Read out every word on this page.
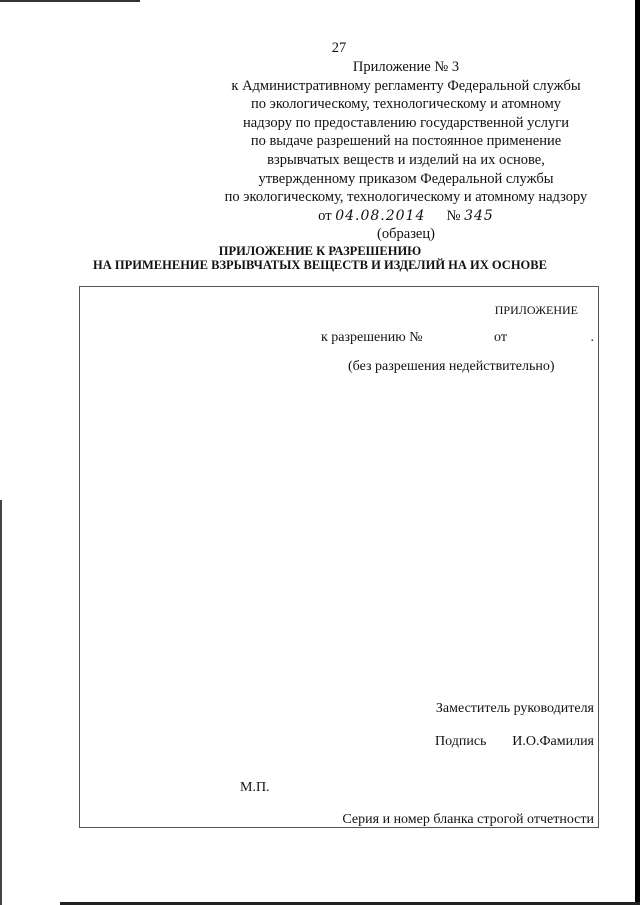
27
Приложение № 3
к Административному регламенту Федеральной службы
по экологическому, технологическому и атомному
надзору по предоставлению государственной услуги
по выдаче разрешений на постоянное применение
взрывчатых веществ и изделий на их основе,
утвержденному приказом Федеральной службы
по экологическому, технологическому и атомному надзору
от 04.08.2014 № 345
(образец)
ПРИЛОЖЕНИЕ К РАЗРЕШЕНИЮ
НА ПРИМЕНЕНИЕ ВЗРЫВЧАТЫХ ВЕЩЕСТВ И ИЗДЕЛИЙ НА ИХ ОСНОВЕ
ПРИЛОЖЕНИЕ
к разрешению №	от	.
(без разрешения недействительно)
Заместитель руководителя
Подпись И.О.Фамилия
М.П.
Серия и номер бланка строгой отчетности
